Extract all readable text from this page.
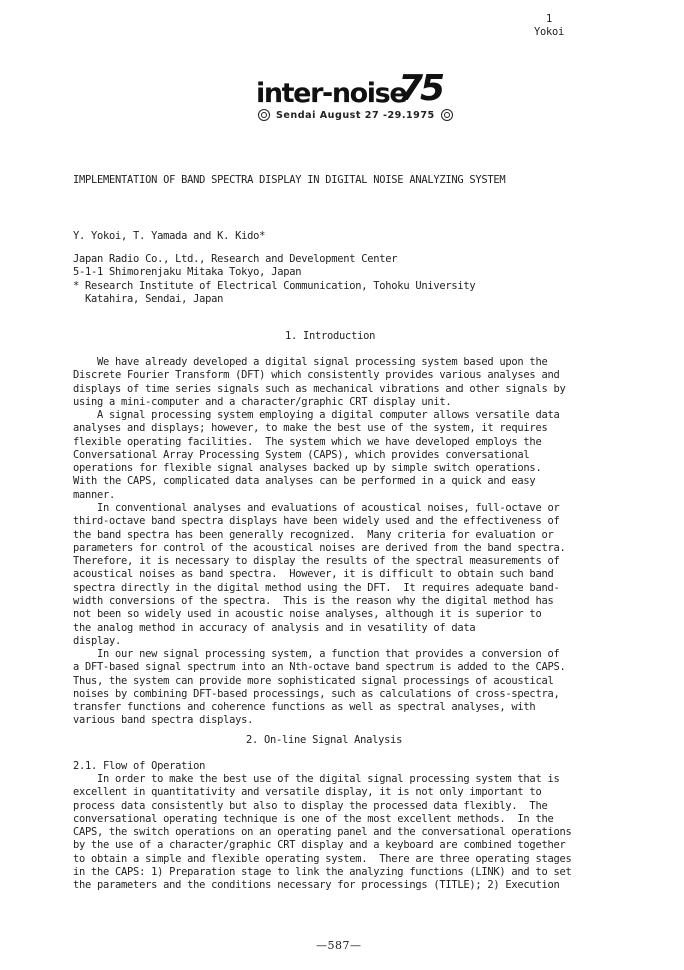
1
Yokoi
inter-noise
75
Sendai August 27 -29.1975
IMPLEMENTATION OF BAND SPECTRA DISPLAY IN DIGITAL NOISE ANALYZING SYSTEM
Y. Yokoi, T. Yamada and K. Kido*
Japan Radio Co., Ltd., Research and Development Center
5-1-1 Shimorenjaku Mitaka Tokyo, Japan
* Research Institute of Electrical Communication, Tohoku University
Katahira, Sendai, Japan
1. Introduction
We have already developed a digital signal processing system based upon the
Discrete Fourier Transform (DFT) which consistently provides various analyses and
displays of time series signals such as mechanical vibrations and other signals by
using a mini-computer and a character/graphic CRT display unit.
A signal processing system employing a digital computer allows versatile data
analyses and displays; however, to make the best use of the system, it requires
flexible operating facilities.  The system which we have developed employs the
Conversational Array Processing System (CAPS), which provides conversational
operations for flexible signal analyses backed up by simple switch operations.
With the CAPS, complicated data analyses can be performed in a quick and easy
manner.
In conventional analyses and evaluations of acoustical noises, full-octave or
third-octave band spectra displays have been widely used and the effectiveness of
the band spectra has been generally recognized.  Many criteria for evaluation or
parameters for control of the acoustical noises are derived from the band spectra.
Therefore, it is necessary to display the results of the spectral measurements of
acoustical noises as band spectra.  However, it is difficult to obtain such band
spectra directly in the digital method using the DFT.  It requires adequate band-
width conversions of the spectra.  This is the reason why the digital method has
not been so widely used in acoustic noise analyses, although it is superior to
the analog method in accuracy of analysis and in vesatility of data
display.
In our new signal processing system, a function that provides a conversion of
a DFT-based signal spectrum into an Nth-octave band spectrum is added to the CAPS.
Thus, the system can provide more sophisticated signal processings of acoustical
noises by combining DFT-based processings, such as calculations of cross-spectra,
transfer functions and coherence functions as well as spectral analyses, with
various band spectra displays.
2. On-line Signal Analysis
2.1. Flow of Operation
In order to make the best use of the digital signal processing system that is
excellent in quantitativity and versatile display, it is not only important to
process data consistently but also to display the processed data flexibly.  The
conversational operating technique is one of the most excellent methods.  In the
CAPS, the switch operations on an operating panel and the conversational operations
by the use of a character/graphic CRT display and a keyboard are combined together
to obtain a simple and flexible operating system.  There are three operating stages
in the CAPS: 1) Preparation stage to link the analyzing functions (LINK) and to set
the parameters and the conditions necessary for processings (TITLE); 2) Execution
—587—
